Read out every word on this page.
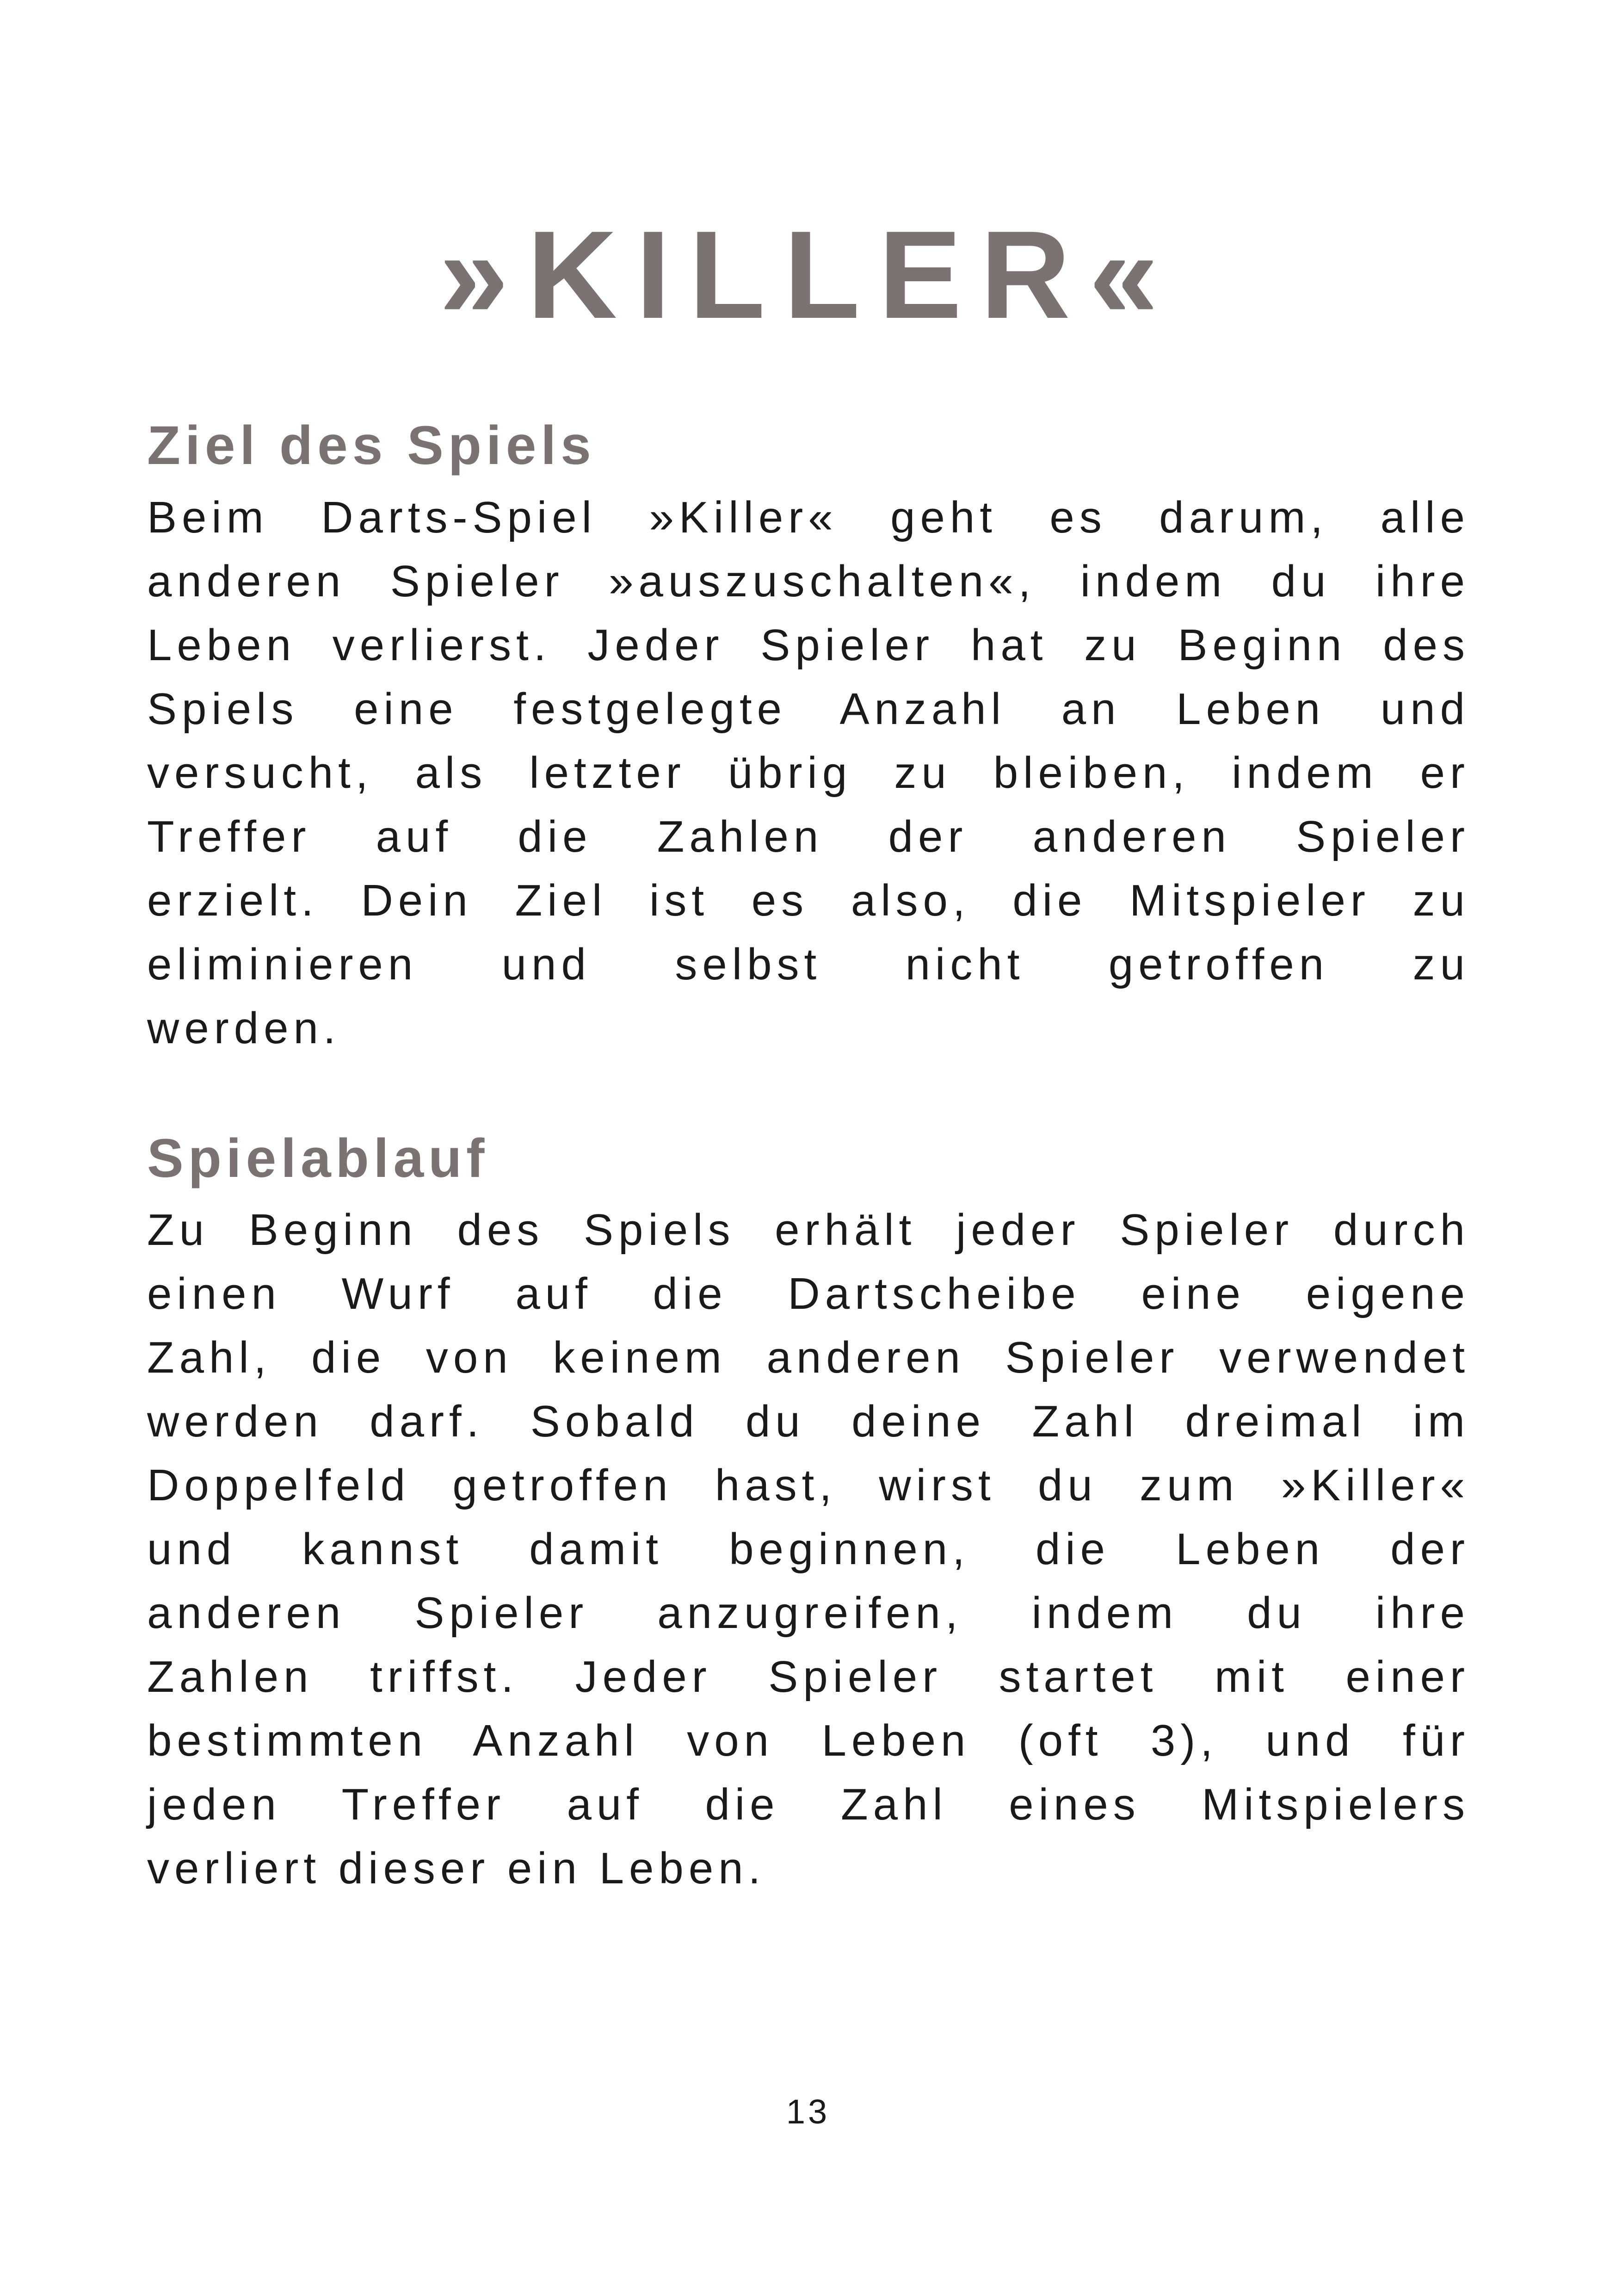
»KILLER«
Ziel des Spiels
Beim Darts-Spiel »Killer« geht es darum, alle
anderen Spieler »auszuschalten«, indem du ihre
Leben verlierst. Jeder Spieler hat zu Beginn des
Spiels eine festgelegte Anzahl an Leben und
versucht, als letzter übrig zu bleiben, indem er
Treffer auf die Zahlen der anderen Spieler
erzielt. Dein Ziel ist es also, die Mitspieler zu
eliminieren und selbst nicht getroffen zu
werden.
Spielablauf
Zu Beginn des Spiels erhält jeder Spieler durch
einen Wurf auf die Dartscheibe eine eigene
Zahl, die von keinem anderen Spieler verwendet
werden darf. Sobald du deine Zahl dreimal im
Doppelfeld getroffen hast, wirst du zum »Killer«
und kannst damit beginnen, die Leben der
anderen Spieler anzugreifen, indem du ihre
Zahlen triffst. Jeder Spieler startet mit einer
bestimmten Anzahl von Leben (oft 3), und für
jeden Treffer auf die Zahl eines Mitspielers
verliert dieser ein Leben.
13
